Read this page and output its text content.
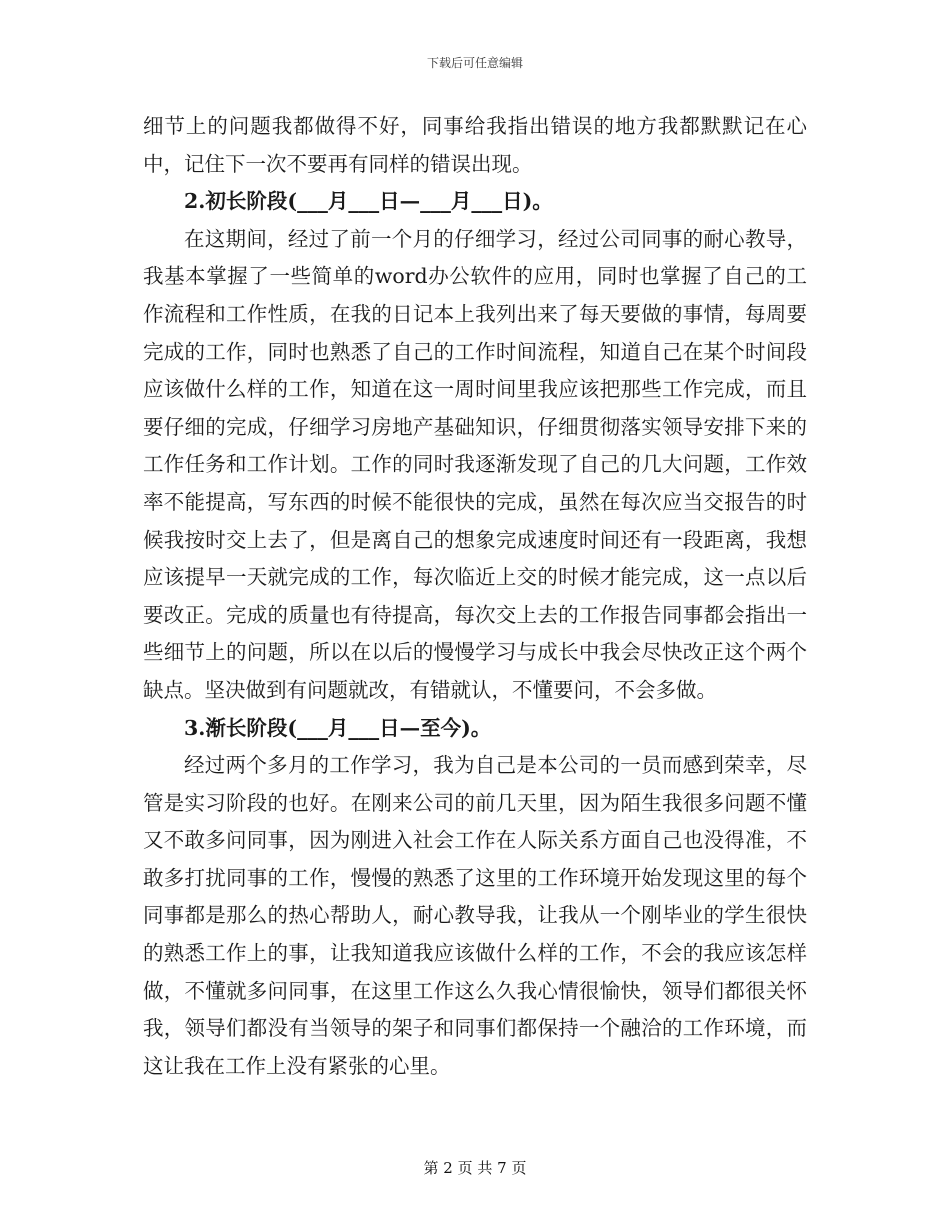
下载后可任意编辑

细节上的问题我都做得不好，同事给我指出错误的地方我都默默记在心中，记住下一次不要再有同样的错误出现。

2.初长阶段(___月___日—___月___日)。

在这期间，经过了前一个月的仔细学习，经过公司同事的耐心教导，我基本掌握了一些简单的word办公软件的应用，同时也掌握了自己的工作流程和工作性质，在我的日记本上我列出来了每天要做的事情，每周要完成的工作，同时也熟悉了自己的工作时间流程，知道自己在某个时间段应该做什么样的工作，知道在这一周时间里我应该把那些工作完成，而且要仔细的完成，仔细学习房地产基础知识，仔细贯彻落实领导安排下来的工作任务和工作计划。工作的同时我逐渐发现了自己的几大问题，工作效率不能提高，写东西的时候不能很快的完成，虽然在每次应当交报告的时候我按时交上去了，但是离自己的想象完成速度时间还有一段距离，我想应该提早一天就完成的工作，每次临近上交的时候才能完成，这一点以后要改正。完成的质量也有待提高，每次交上去的工作报告同事都会指出一些细节上的问题，所以在以后的慢慢学习与成长中我会尽快改正这个两个缺点。坚决做到有问题就改，有错就认，不懂要问，不会多做。

3.渐长阶段(___月___日—至今)。

经过两个多月的工作学习，我为自己是本公司的一员而感到荣幸，尽管是实习阶段的也好。在刚来公司的前几天里，因为陌生我很多问题不懂又不敢多问同事，因为刚进入社会工作在人际关系方面自己也没得准，不敢多打扰同事的工作，慢慢的熟悉了这里的工作环境开始发现这里的每个同事都是那么的热心帮助人，耐心教导我，让我从一个刚毕业的学生很快的熟悉工作上的事，让我知道我应该做什么样的工作，不会的我应该怎样做，不懂就多问同事，在这里工作这么久我心情很愉快，领导们都很关怀我，领导们都没有当领导的架子和同事们都保持一个融洽的工作环境，而这让我在工作上没有紧张的心里。

第 2 页 共 7 页
